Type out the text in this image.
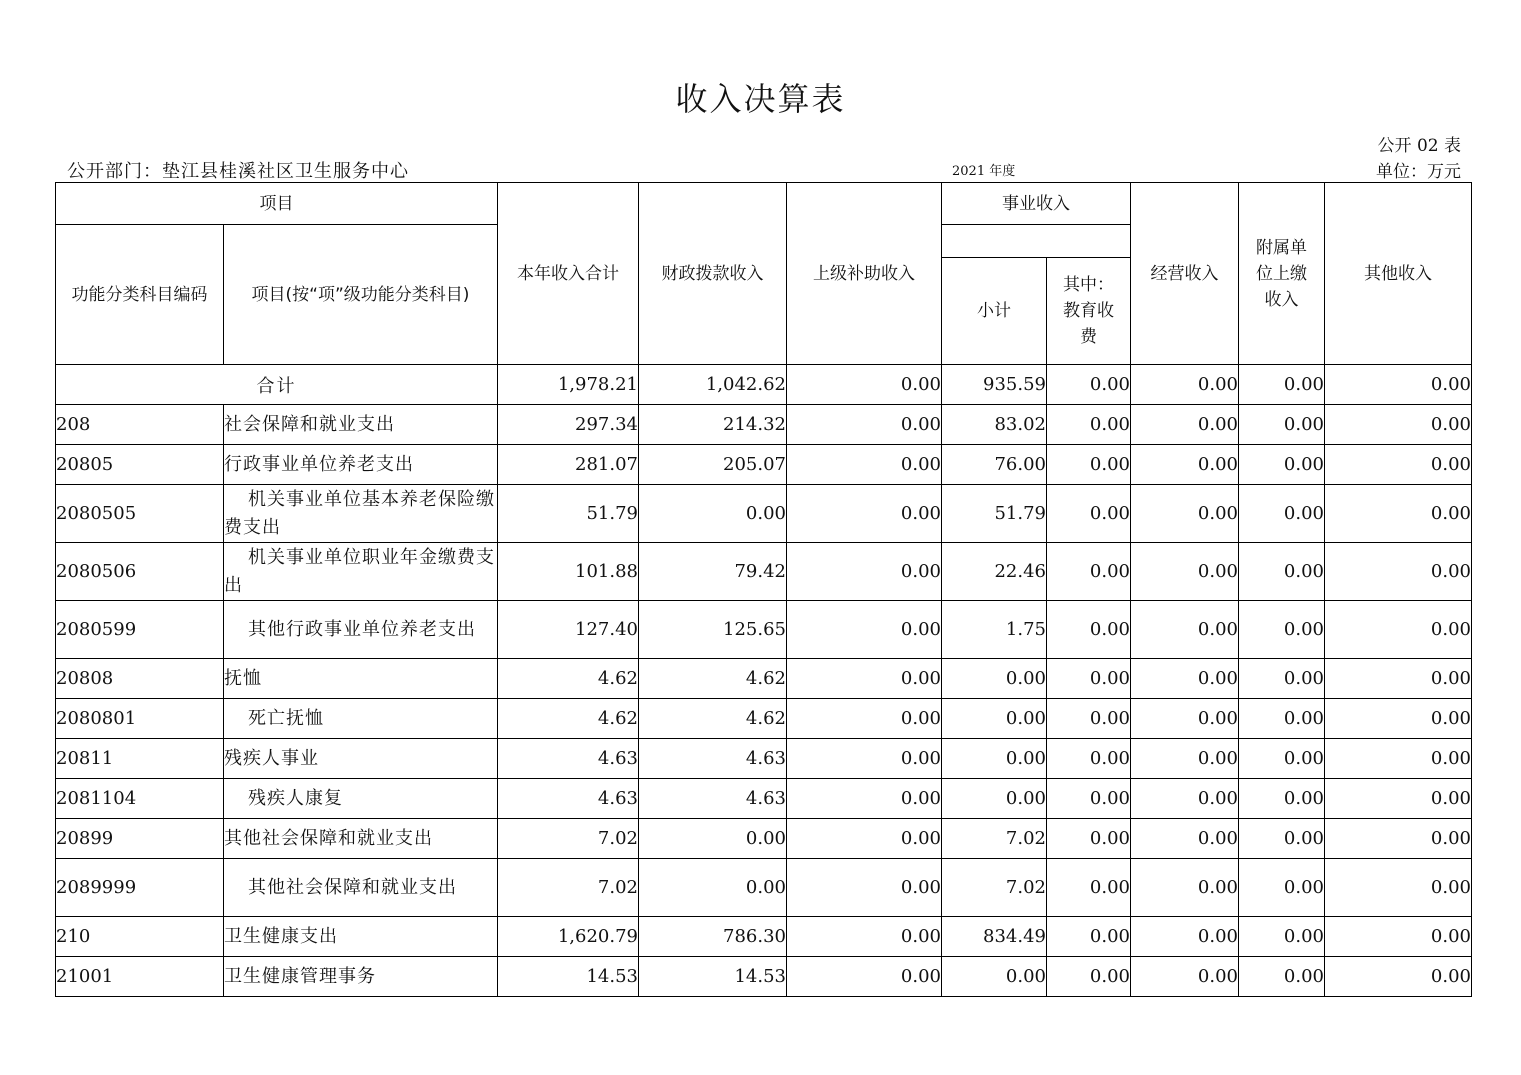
收入决算表
公开 02 表
公开部门：垫江县桂溪社区卫生服务中心	2021 年度	单位：万元
项目		本年收入合计	财政拨款收入	上级补助收入	事业收入		经营收入	附属单位上缴收入	其他收入
功能分类科目编码	项目(按“项”级功能分类科目)								
					小计	其中：教育收费			
合计		1,978.21	1,042.62	0.00	935.59	0.00	0.00	0.00	0.00
208	社会保障和就业支出	297.34	214.32	0.00	83.02	0.00	0.00	0.00	0.00
20805	行政事业单位养老支出	281.07	205.07	0.00	76.00	0.00	0.00	0.00	0.00
2080505	机关事业单位基本养老保险缴费支出	51.79	0.00	0.00	51.79	0.00	0.00	0.00	0.00
2080506	机关事业单位职业年金缴费支出	101.88	79.42	0.00	22.46	0.00	0.00	0.00	0.00
2080599	其他行政事业单位养老支出	127.40	125.65	0.00	1.75	0.00	0.00	0.00	0.00
20808	抚恤	4.62	4.62	0.00	0.00	0.00	0.00	0.00	0.00
2080801	死亡抚恤	4.62	4.62	0.00	0.00	0.00	0.00	0.00	0.00
20811	残疾人事业	4.63	4.63	0.00	0.00	0.00	0.00	0.00	0.00
2081104	残疾人康复	4.63	4.63	0.00	0.00	0.00	0.00	0.00	0.00
20899	其他社会保障和就业支出	7.02	0.00	0.00	7.02	0.00	0.00	0.00	0.00
2089999	其他社会保障和就业支出	7.02	0.00	0.00	7.02	0.00	0.00	0.00	0.00
210	卫生健康支出	1,620.79	786.30	0.00	834.49	0.00	0.00	0.00	0.00
21001	卫生健康管理事务	14.53	14.53	0.00	0.00	0.00	0.00	0.00	0.00
